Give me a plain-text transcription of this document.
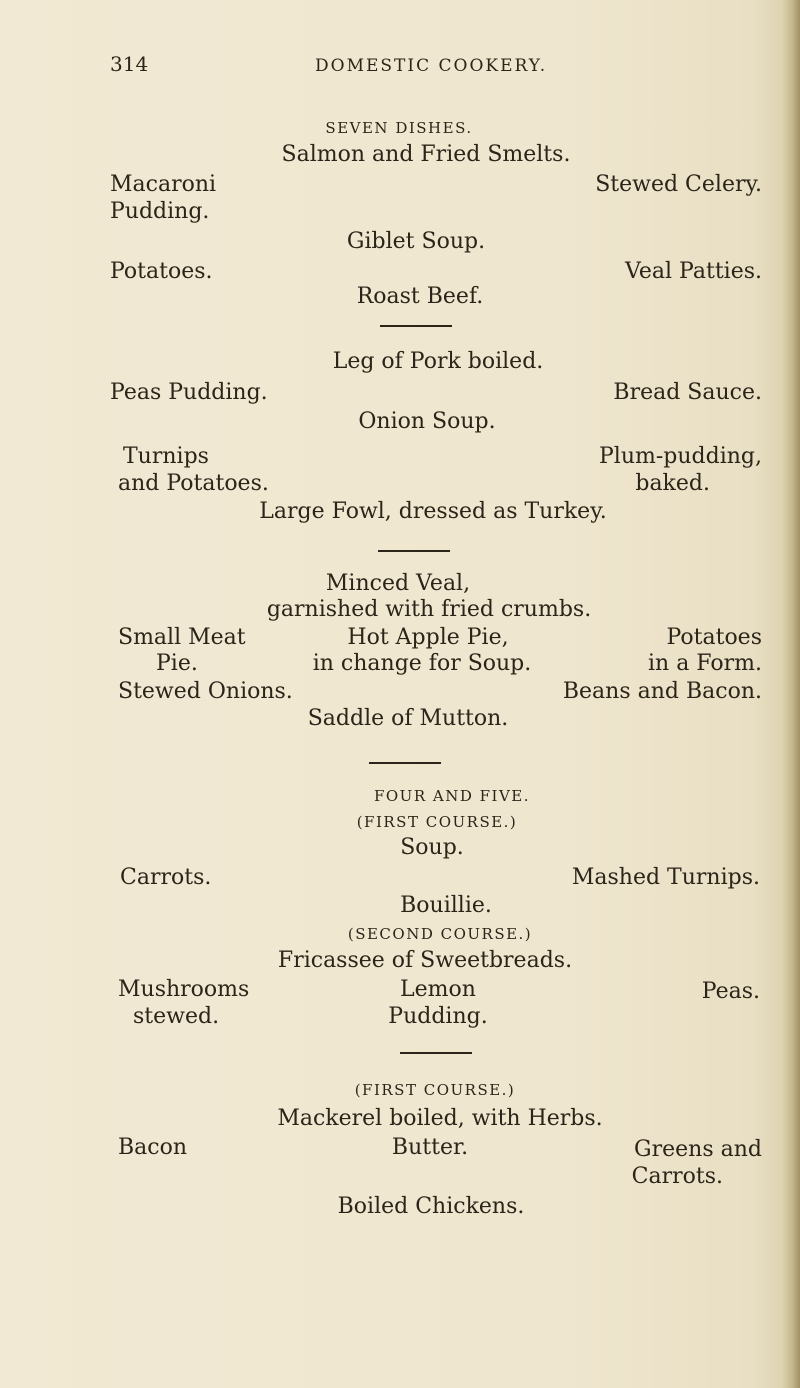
314	DOMESTIC COOKERY.
SEVEN DISHES.
Salmon and Fried Smelts.
Macaroni
Pudding.
Stewed Celery.
Giblet Soup.
Potatoes.	Veal Patties.
Roast Beef.
Leg of Pork boiled.
Peas Pudding.	Bread Sauce.
Onion Soup.
Turnips
and Potatoes.
Plum-pudding,
baked.
Large Fowl, dressed as Turkey.
Minced Veal,
garnished with fried crumbs.
Small Meat
Pie.
Hot Apple Pie,
in change for Soup.
Potatoes
in a Form.
Stewed Onions.	Beans and Bacon.
Saddle of Mutton.
FOUR AND FIVE.
(FIRST COURSE.)
Soup.
Carrots.	Mashed Turnips.
Bouillie.
(SECOND COURSE.)
Fricassee of Sweetbreads.
Mushrooms
stewed.
Lemon
Pudding.
Peas.
(FIRST COURSE.)
Mackerel boiled, with Herbs.
Bacon	Butter.	Greens and
Carrots.
Boiled Chickens.
